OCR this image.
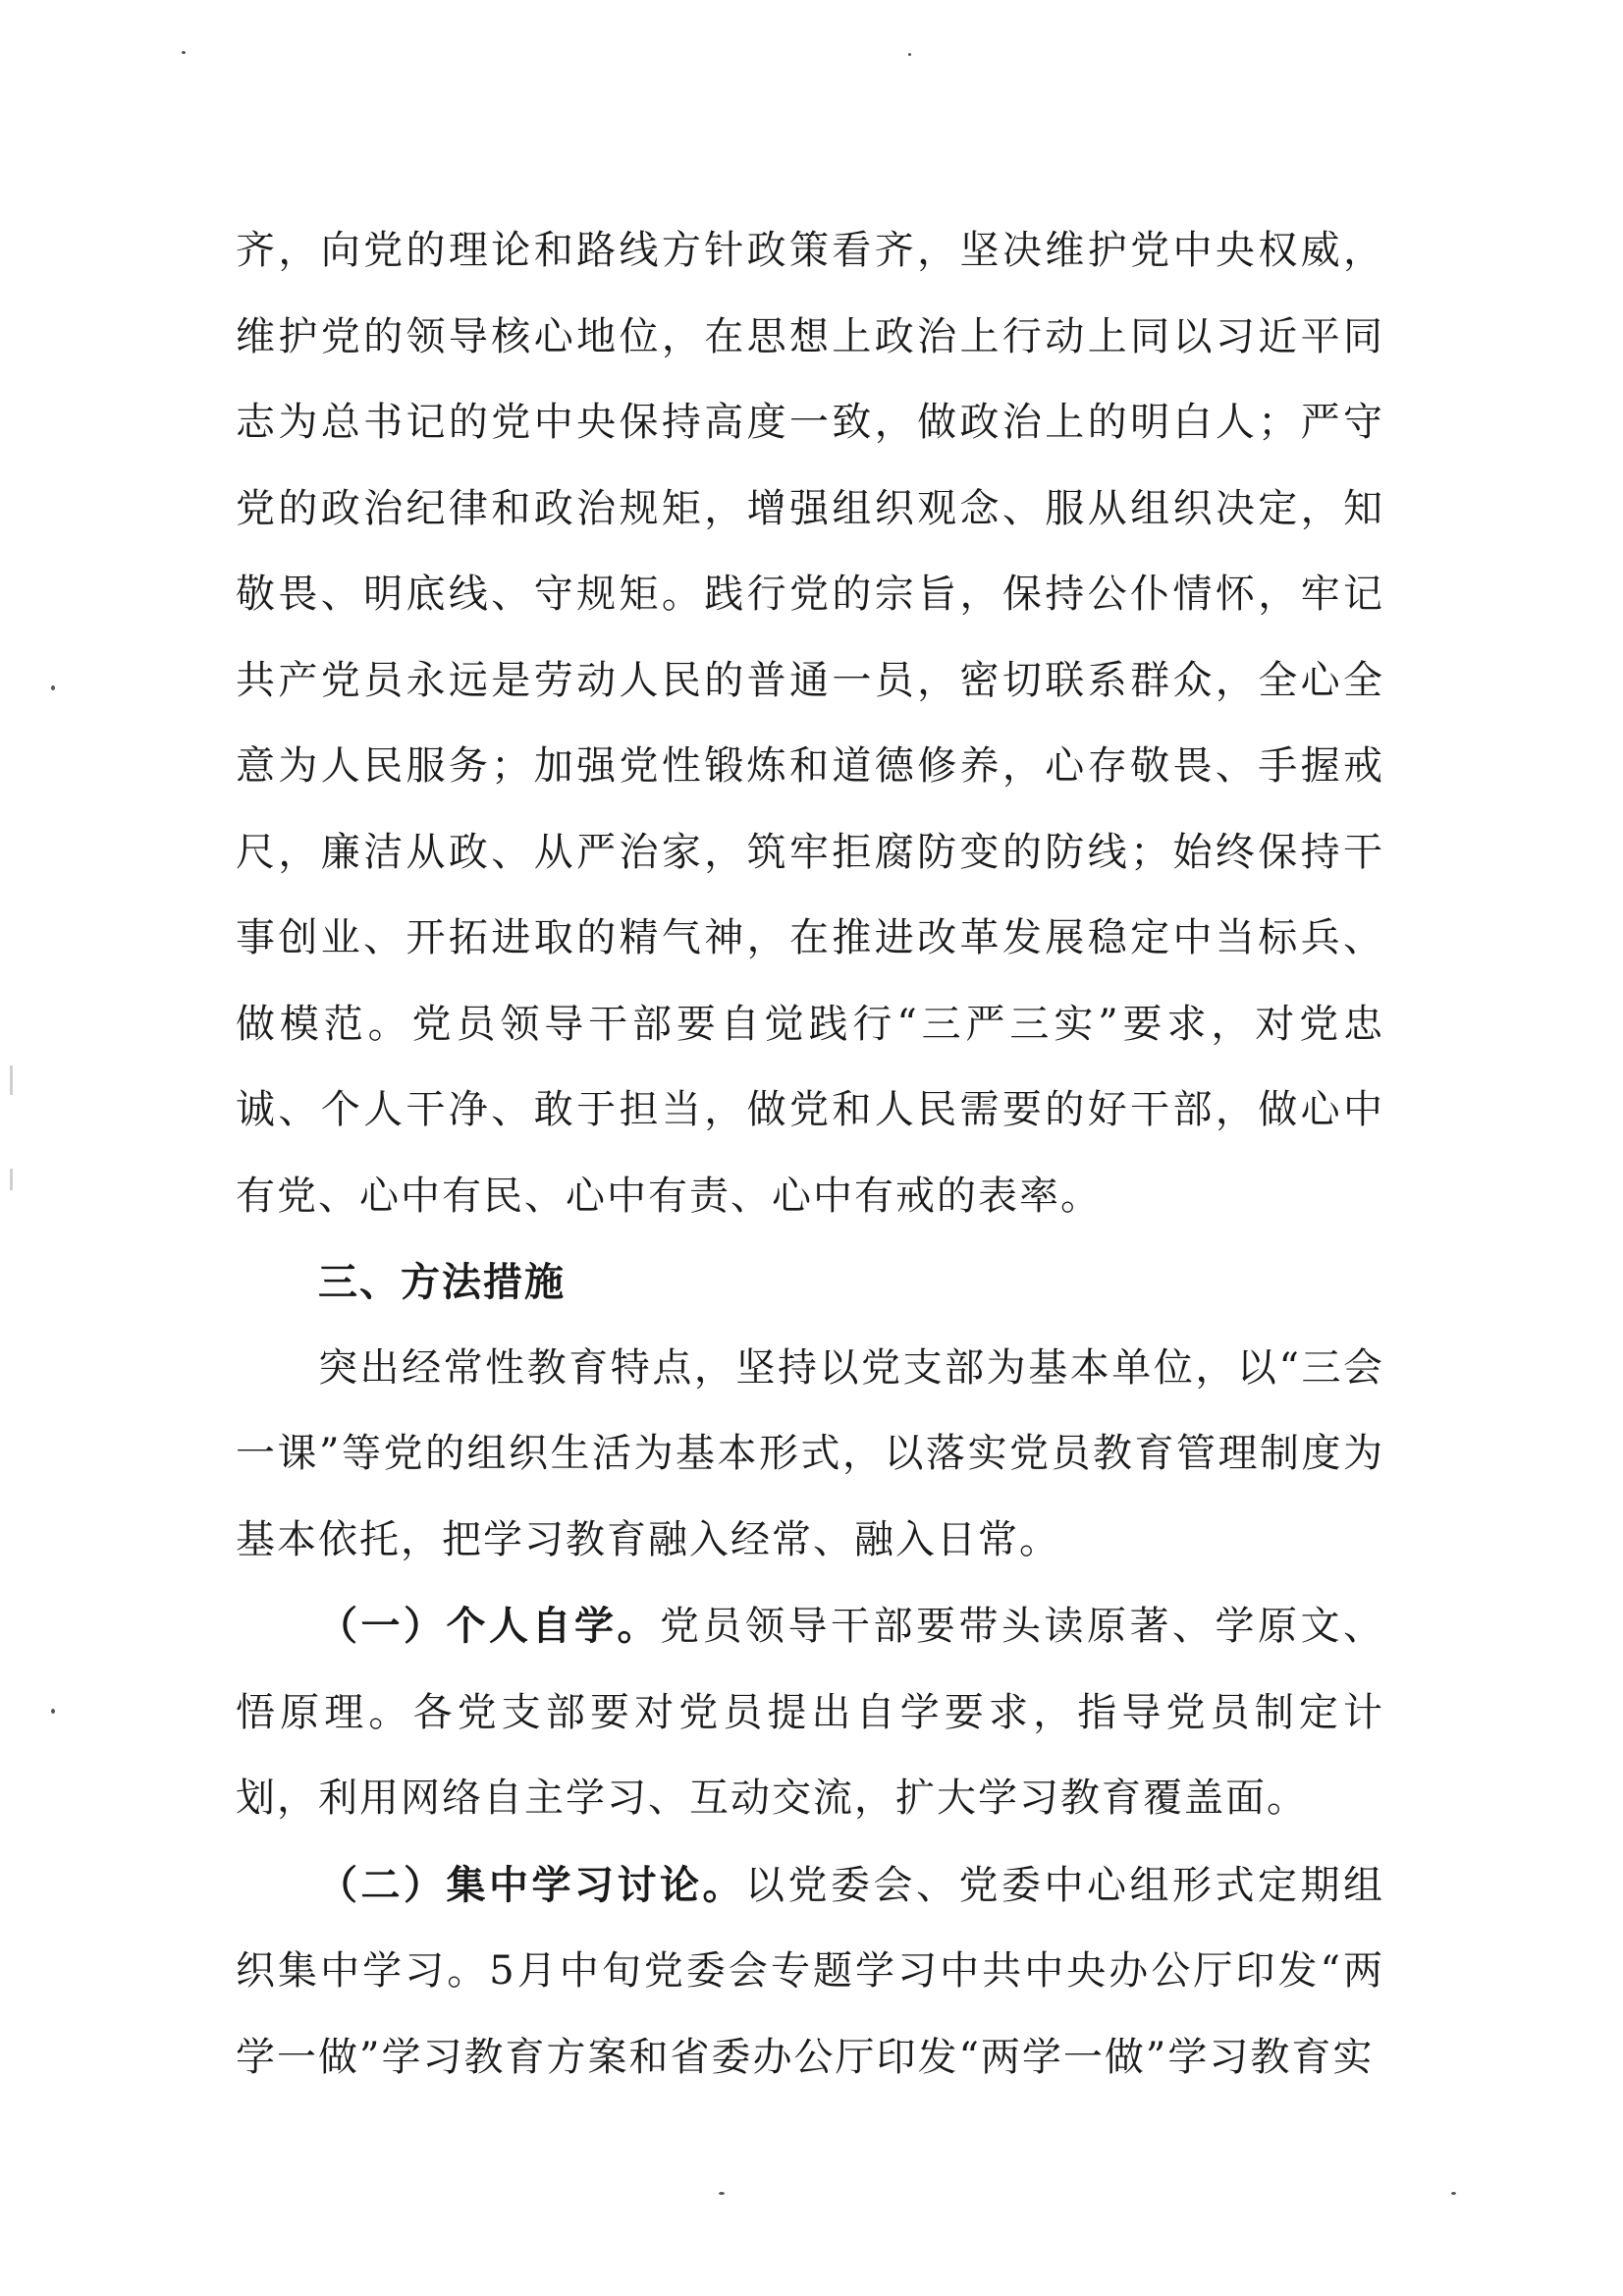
齐，向党的理论和路线方针政策看齐，坚决维护党中央权威，维护党的领导核心地位，在思想上政治上行动上同以习近平同志为总书记的党中央保持高度一致，做政治上的明白人；严守党的政治纪律和政治规矩，增强组织观念、服从组织决定，知敬畏、明底线、守规矩。践行党的宗旨，保持公仆情怀，牢记共产党员永远是劳动人民的普通一员，密切联系群众，全心全意为人民服务；加强党性锻炼和道德修养，心存敬畏、手握戒尺，廉洁从政、从严治家，筑牢拒腐防变的防线；始终保持干事创业、开拓进取的精气神，在推进改革发展稳定中当标兵、做模范。党员领导干部要自觉践行“三严三实”要求，对党忠诚、个人干净、敢于担当，做党和人民需要的好干部，做心中有党、心中有民、心中有责、心中有戒的表率。

三、方法措施

突出经常性教育特点，坚持以党支部为基本单位，以“三会一课”等党的组织生活为基本形式，以落实党员教育管理制度为基本依托，把学习教育融入经常、融入日常。

（一）个人自学。党员领导干部要带头读原著、学原文、悟原理。各党支部要对党员提出自学要求，指导党员制定计划，利用网络自主学习、互动交流，扩大学习教育覆盖面。

（二）集中学习讨论。以党委会、党委中心组形式定期组织集中学习。5月中旬党委会专题学习中共中央办公厅印发“两学一做”学习教育方案和省委办公厅印发“两学一做”学习教育实
